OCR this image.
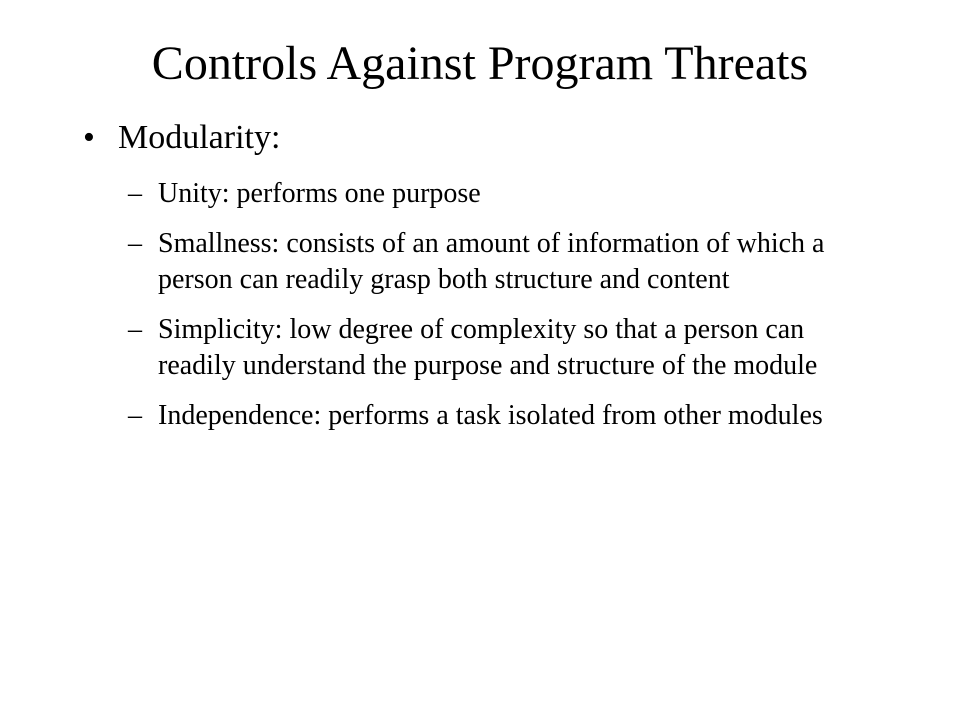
Controls Against Program Threats
• Modularity:
– Unity: performs one purpose
– Smallness: consists of an amount of information of which a person can readily grasp both structure and content
– Simplicity: low degree of complexity so that a person can readily understand the purpose and structure of the module
– Independence: performs a task isolated from other modules
